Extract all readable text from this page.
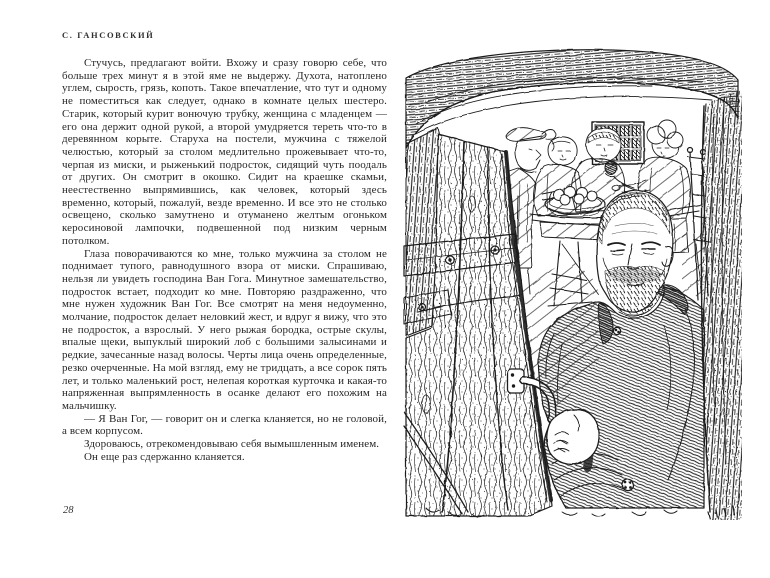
С. ГАНСОВСКИЙ

Стучусь, предлагают войти. Вхожу и сразу говорю себе, что больше трех минут я в этой яме не выдержу. Духота, натоплено углем, сырость, грязь, копоть. Такое впечатление, что тут и одному не поместиться как следует, однако в комнате целых шестеро. Старик, который курит вонючую трубку, женщина с младенцем — его она держит одной рукой, а второй умудряется тереть что-то в деревянном корыте. Старуха на постели, мужчина с тяжелой челюстью, который за столом медлительно прожевывает что-то, черпая из миски, и рыженький подросток, сидящий чуть поодаль от других. Он смотрит в окошко. Сидит на краешке скамьи, неестественно выпрямившись, как человек, который здесь временно, который, пожалуй, везде временно. И все это не столько освещено, сколько замутнено и отуманено желтым огоньком керосиновой лампочки, подвешенной под низким черным потолком.

Глаза поворачиваются ко мне, только мужчина за столом не поднимает тупого, равнодушного взора от миски. Спрашиваю, нельзя ли увидеть господина Ван Гога. Минутное замешательство, подросток встает, подходит ко мне. Повторяю раздраженно, что мне нужен художник Ван Гог. Все смотрят на меня недоуменно, молчание, подросток делает неловкий жест, и вдруг я вижу, что это не подросток, а взрослый. У него рыжая бородка, острые скулы, впалые щеки, выпуклый широкий лоб с большими залысинами и редкие, зачесанные назад волосы. Черты лица очень определенные, резко очерченные. На мой взгляд, ему не тридцать, а все сорок пять лет, и только маленький рост, нелепая короткая курточка и какая-то напряженная выпрямленность в осанке делают его похожим на мальчишку.

— Я Ван Гог, — говорит он и слегка кланяется, но не головой, а всем корпусом.

Здороваюсь, отрекомендовываю себя вымышленным именем.

Он еще раз сдержанно кланяется.

28
